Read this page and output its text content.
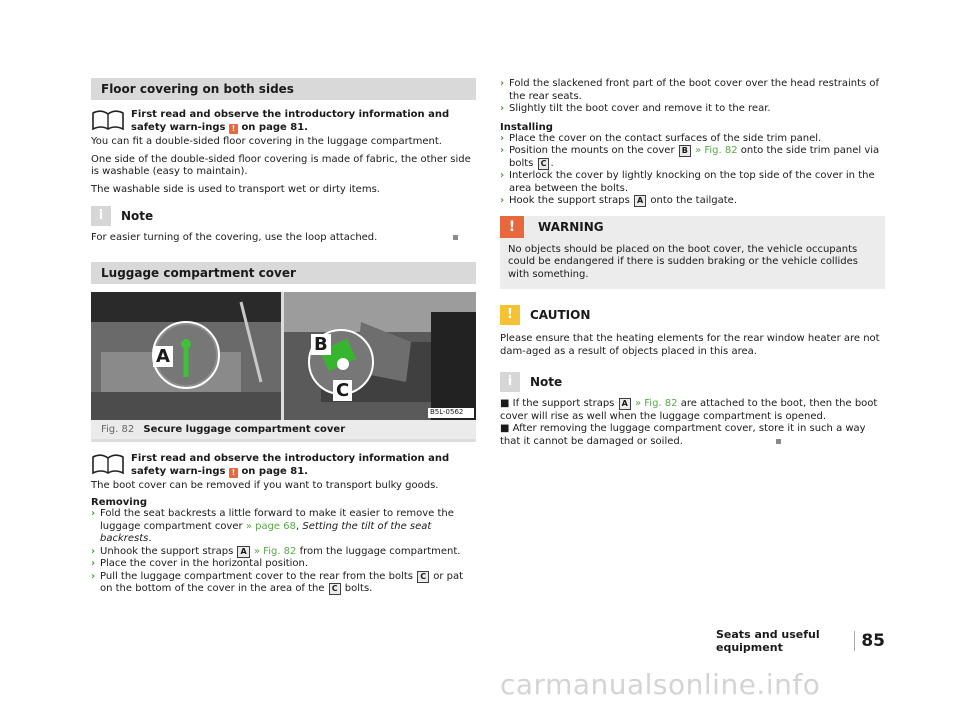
Floor covering on both sides
First read and observe the introductory information and safety warn-ings ! on page 81.

You can fit a double-sided floor covering in the luggage compartment.

One side of the double-sided floor covering is made of fabric, the other side is washable (easy to maintain).

The washable side is used to transport wet or dirty items.

i	Note

For easier turning of the covering, use the loop attached.

Luggage compartment cover
A
B
C
B5L-0562
Fig. 82 Secure luggage compartment cover
First read and observe the introductory information and safety warn-ings ! on page 81.

The boot cover can be removed if you want to transport bulky goods.

Removing
› Fold the seat backrests a little forward to make it easier to remove the luggage compartment cover » page 68, Setting the tilt of the seat backrests.
› Unhook the support straps A » Fig. 82 from the luggage compartment.
› Place the cover in the horizontal position.
› Pull the luggage compartment cover to the rear from the bolts C or pat on the bottom of the cover in the area of the C bolts.
› Fold the slackened front part of the boot cover over the head restraints of the rear seats.
› Slightly tilt the boot cover and remove it to the rear.
Installing
› Place the cover on the contact surfaces of the side trim panel.
› Position the mounts on the cover B » Fig. 82 onto the side trim panel via bolts C .
› Interlock the cover by lightly knocking on the top side of the cover in the area between the bolts.
› Hook the support straps A onto the tailgate.
!	WARNING
No objects should be placed on the boot cover, the vehicle occupants could be endangered if there is sudden braking or the vehicle collides with something.
!	CAUTION

Please ensure that the heating elements for the rear window heater are not dam-aged as a result of objects placed in this area.

i	Note
■ If the support straps A » Fig. 82 are attached to the boot, then the boot cover will rise as well when the luggage compartment is opened.
■ After removing the luggage compartment cover, store it in such a way that it cannot be damaged or soiled.
Seats and useful equipment	85
carmanualsonline.info
